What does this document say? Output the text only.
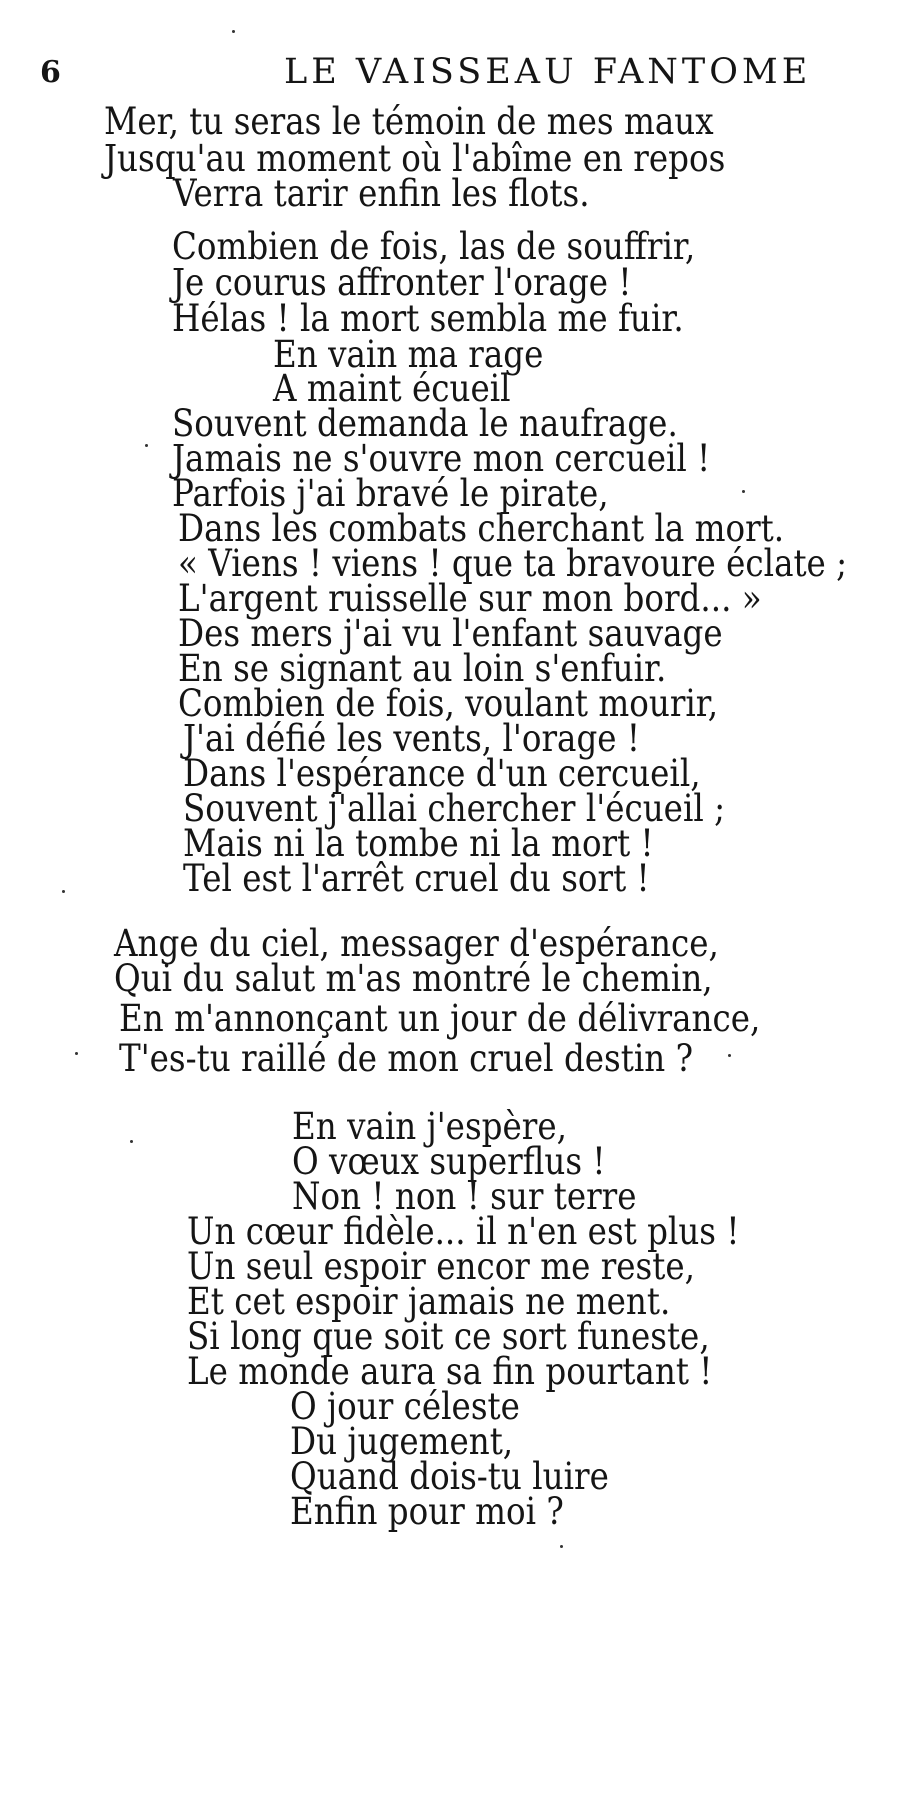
6	LE VAISSEAU FANTOME
Mer, tu seras le témoin de mes maux
Jusqu'au moment où l'abîme en repos
Verra tarir enfin les flots.
Combien de fois, las de souffrir,
Je courus affronter l'orage !
Hélas ! la mort sembla me fuir.
En vain ma rage
A maint écueil
Souvent demanda le naufrage.
Jamais ne s'ouvre mon cercueil !
Parfois j'ai bravé le pirate,
Dans les combats cherchant la mort.
« Viens ! viens ! que ta bravoure éclate ;
L'argent ruisselle sur mon bord... »
Des mers j'ai vu l'enfant sauvage
En se signant au loin s'enfuir.
Combien de fois, voulant mourir,
J'ai défié les vents, l'orage !
Dans l'espérance d'un cercueil,
Souvent j'allai chercher l'écueil ;
Mais ni la tombe ni la mort !
Tel est l'arrêt cruel du sort !
Ange du ciel, messager d'espérance,
Qui du salut m'as montré le chemin,
En m'annonçant un jour de délivrance,
T'es-tu raillé de mon cruel destin ?
En vain j'espère,
O vœux superflus !
Non ! non ! sur terre
Un cœur fidèle... il n'en est plus !
Un seul espoir encor me reste,
Et cet espoir jamais ne ment.
Si long que soit ce sort funeste,
Le monde aura sa fin pourtant !
O jour céleste
Du jugement,
Quand dois-tu luire
Enfin pour moi ?
